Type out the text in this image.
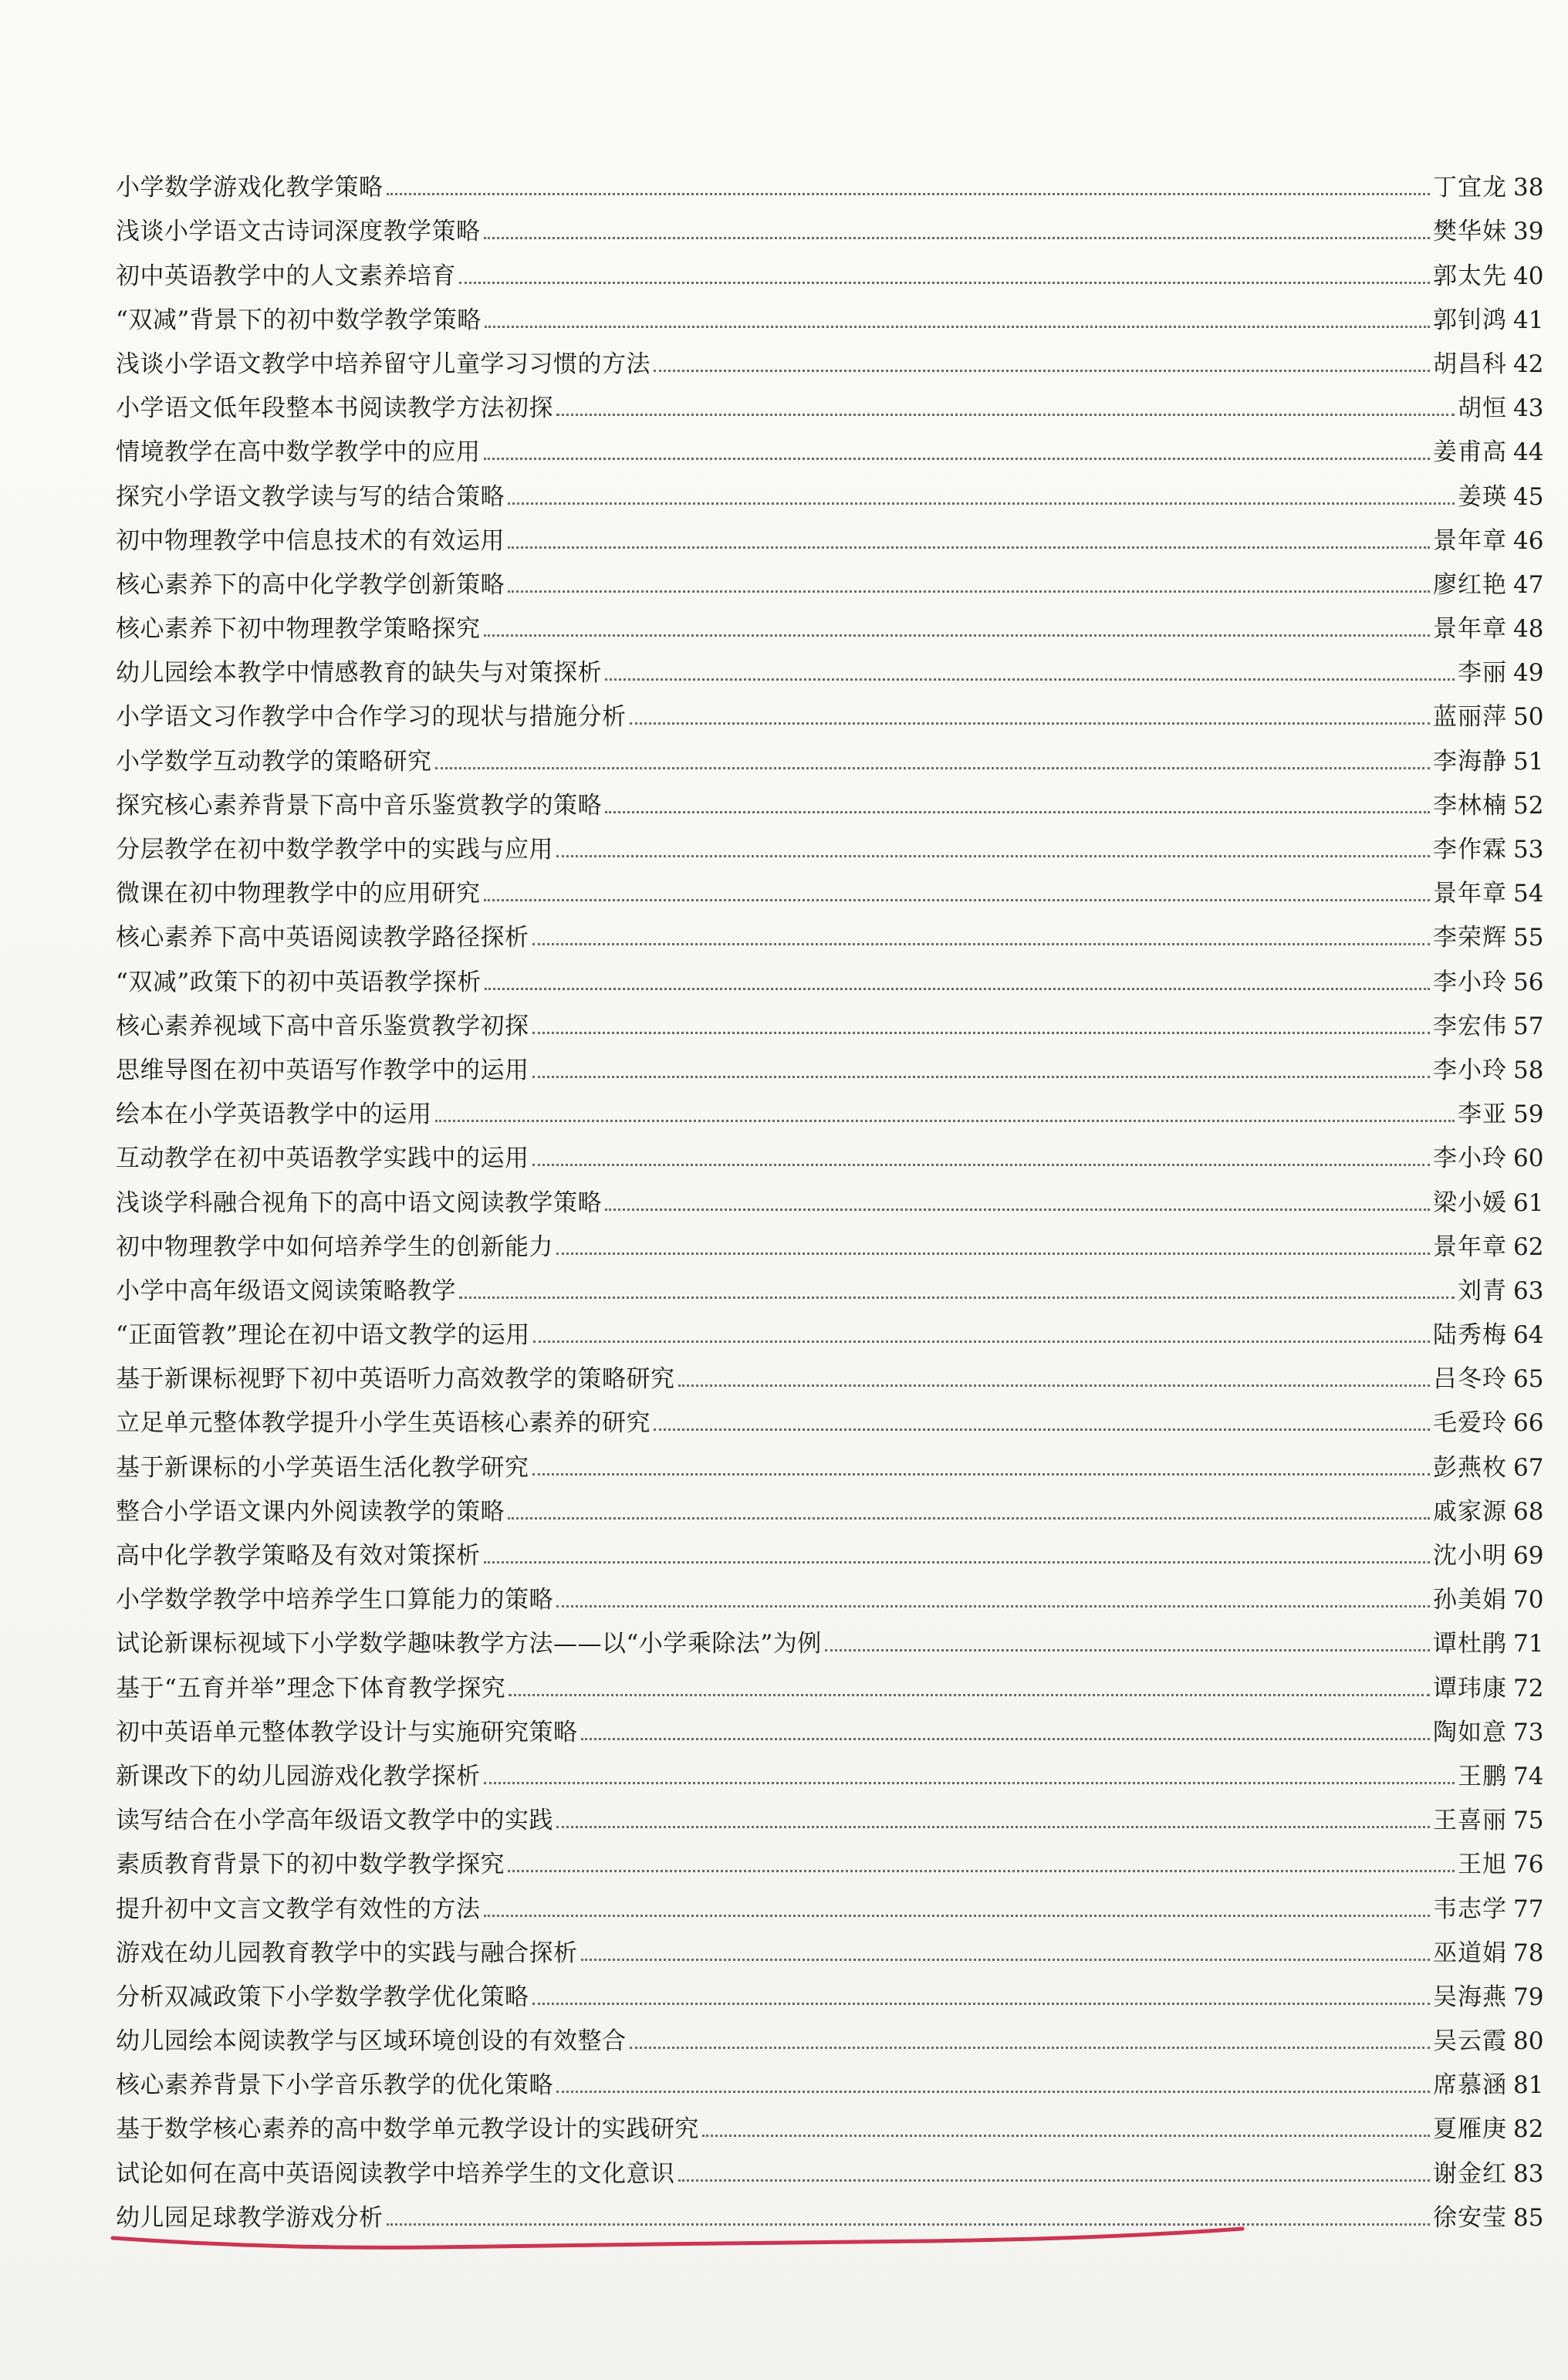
小学数学游戏化教学策略	丁宜龙 38
浅谈小学语文古诗词深度教学策略	樊华妹 39
初中英语教学中的人文素养培育	郭太先 40
“双减”背景下的初中数学教学策略	郭钊鸿 41
浅谈小学语文教学中培养留守儿童学习习惯的方法	胡昌科 42
小学语文低年段整本书阅读教学方法初探	胡恒 43
情境教学在高中数学教学中的应用	姜甫高 44
探究小学语文教学读与写的结合策略	姜瑛 45
初中物理教学中信息技术的有效运用	景年章 46
核心素养下的高中化学教学创新策略	廖红艳 47
核心素养下初中物理教学策略探究	景年章 48
幼儿园绘本教学中情感教育的缺失与对策探析	李丽 49
小学语文习作教学中合作学习的现状与措施分析	蓝丽萍 50
小学数学互动教学的策略研究	李海静 51
探究核心素养背景下高中音乐鉴赏教学的策略	李林楠 52
分层教学在初中数学教学中的实践与应用	李作霖 53
微课在初中物理教学中的应用研究	景年章 54
核心素养下高中英语阅读教学路径探析	李荣辉 55
“双减”政策下的初中英语教学探析	李小玲 56
核心素养视域下高中音乐鉴赏教学初探	李宏伟 57
思维导图在初中英语写作教学中的运用	李小玲 58
绘本在小学英语教学中的运用	李亚 59
互动教学在初中英语教学实践中的运用	李小玲 60
浅谈学科融合视角下的高中语文阅读教学策略	梁小媛 61
初中物理教学中如何培养学生的创新能力	景年章 62
小学中高年级语文阅读策略教学	刘青 63
“正面管教”理论在初中语文教学的运用	陆秀梅 64
基于新课标视野下初中英语听力高效教学的策略研究	吕冬玲 65
立足单元整体教学提升小学生英语核心素养的研究	毛爱玲 66
基于新课标的小学英语生活化教学研究	彭燕枚 67
整合小学语文课内外阅读教学的策略	戚家源 68
高中化学教学策略及有效对策探析	沈小明 69
小学数学教学中培养学生口算能力的策略	孙美娟 70
试论新课标视域下小学数学趣味教学方法——以“小学乘除法”为例	谭杜鹃 71
基于“五育并举”理念下体育教学探究	谭玮康 72
初中英语单元整体教学设计与实施研究策略	陶如意 73
新课改下的幼儿园游戏化教学探析	王鹏 74
读写结合在小学高年级语文教学中的实践	王喜丽 75
素质教育背景下的初中数学教学探究	王旭 76
提升初中文言文教学有效性的方法	韦志学 77
游戏在幼儿园教育教学中的实践与融合探析	巫道娟 78
分析双减政策下小学数学教学优化策略	吴海燕 79
幼儿园绘本阅读教学与区域环境创设的有效整合	吴云霞 80
核心素养背景下小学音乐教学的优化策略	席慕涵 81
基于数学核心素养的高中数学单元教学设计的实践研究	夏雁庚 82
试论如何在高中英语阅读教学中培养学生的文化意识	谢金红 83
幼儿园足球教学游戏分析	徐安莹 85
